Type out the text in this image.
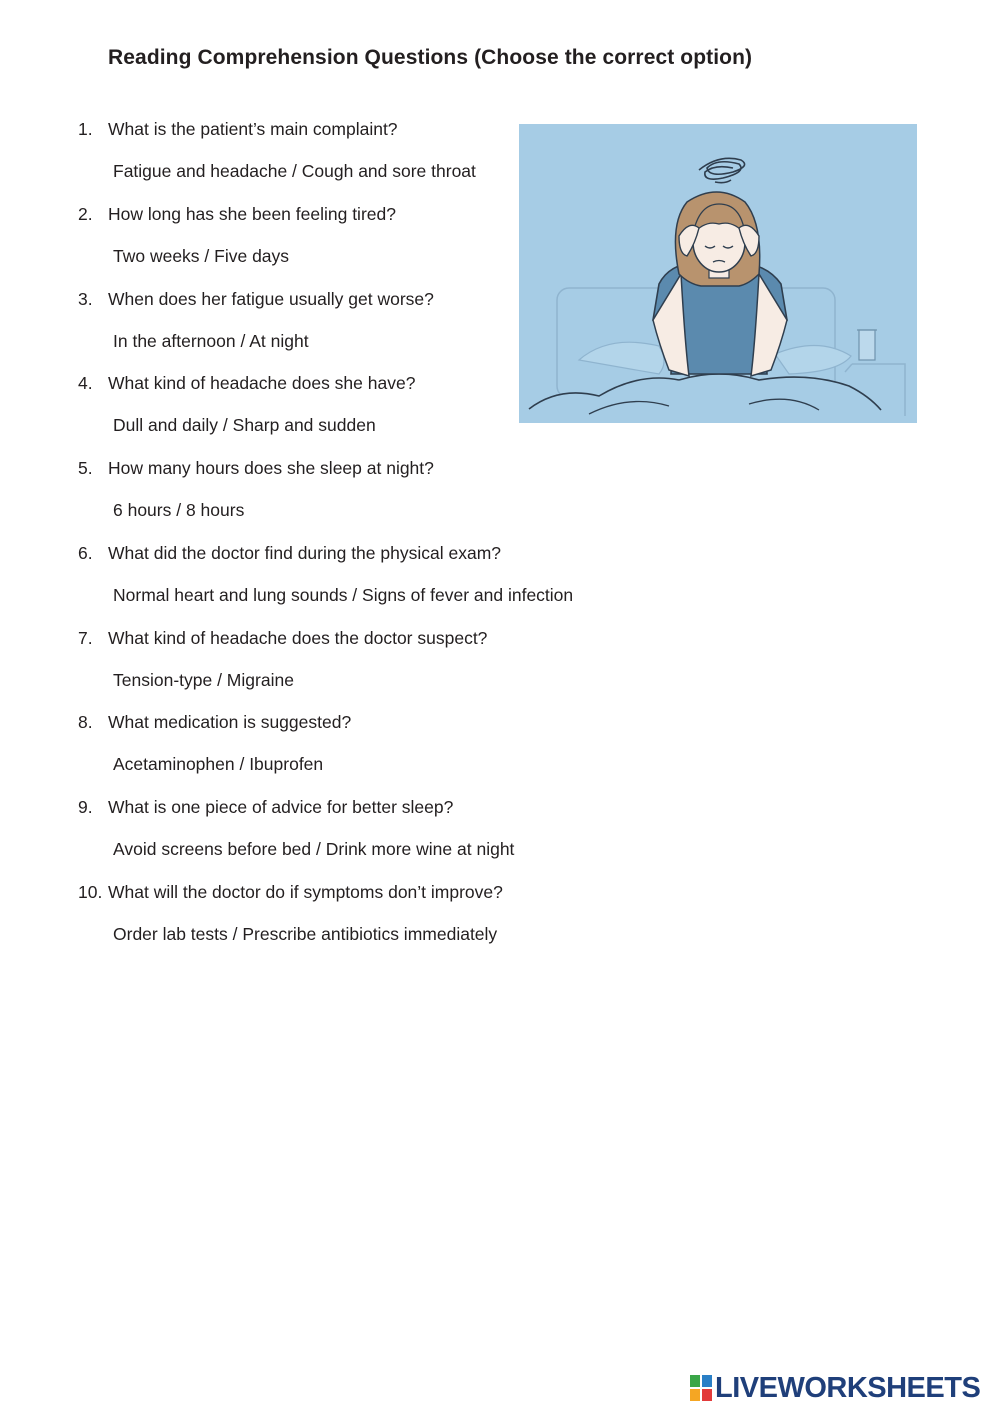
Reading Comprehension Questions (Choose the correct option)
1. What is the patient’s main complaint?
Fatigue and headache / Cough and sore throat
2. How long has she been feeling tired?
Two weeks / Five days
3. When does her fatigue usually get worse?
In the afternoon / At night
4. What kind of headache does she have?
Dull and daily / Sharp and sudden
5. How many hours does she sleep at night?
6 hours / 8 hours
6. What did the doctor find during the physical exam?
Normal heart and lung sounds / Signs of fever and infection
7. What kind of headache does the doctor suspect?
Tension-type / Migraine
8. What medication is suggested?
Acetaminophen / Ibuprofen
9. What is one piece of advice for better sleep?
Avoid screens before bed / Drink more wine at night
10. What will the doctor do if symptoms don’t improve?
Order lab tests / Prescribe antibiotics immediately
LIVEWORKSHEETS
